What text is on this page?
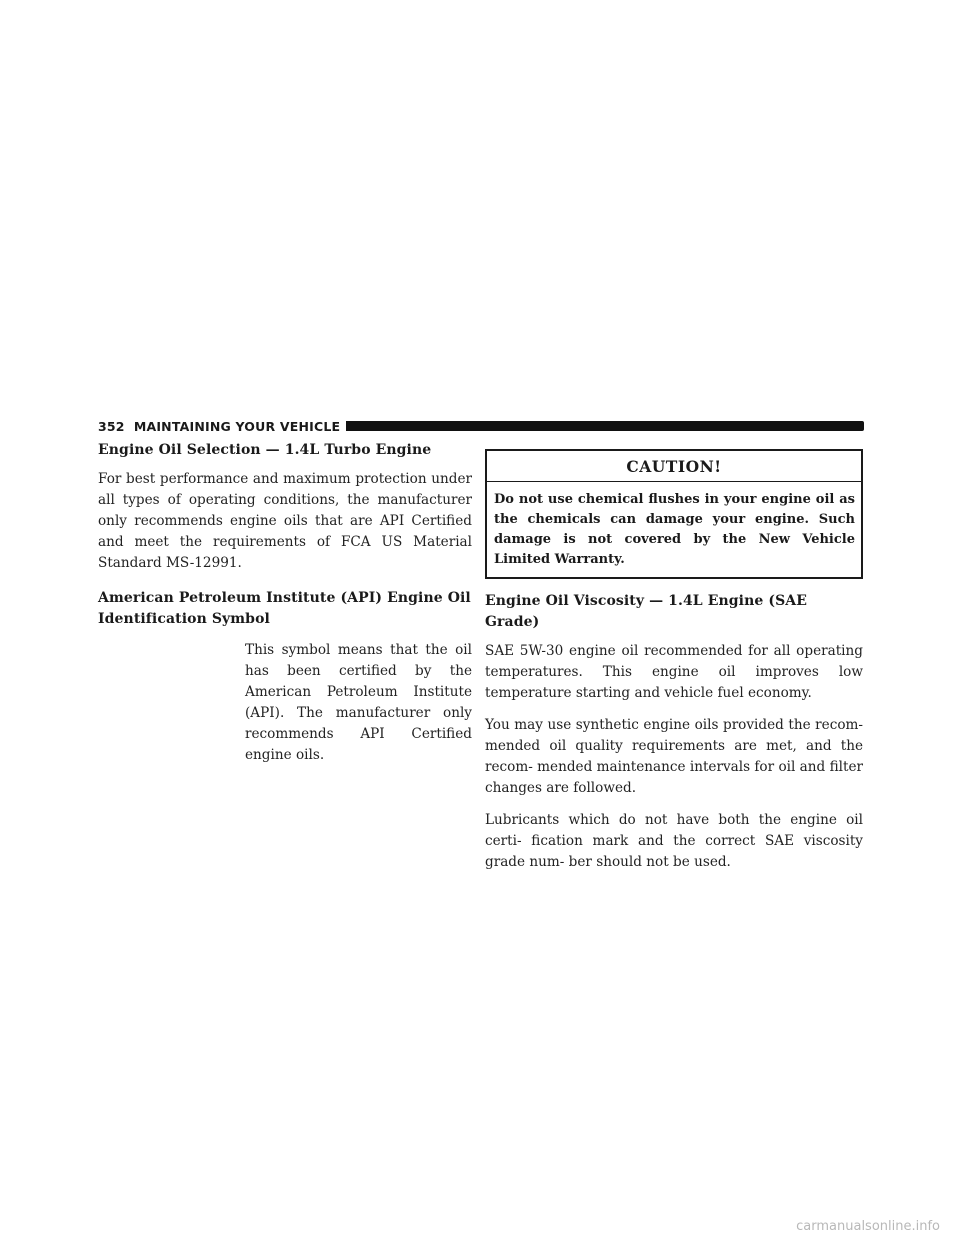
352 MAINTAINING YOUR VEHICLE
Engine Oil Selection — 1.4L Turbo Engine

For best performance and maximum protection under all types of operating conditions, the manufacturer only recommends engine oils that are API Certified and meet the requirements of FCA US Material Standard MS-12991.

American Petroleum Institute (API) Engine Oil
Identification Symbol

This symbol means that the oil has been certified by the American Petroleum Institute (API). The manufacturer only recommends API Certified engine oils.

CAUTION!
Do not use chemical flushes in your engine oil as the chemicals can damage your engine. Such damage is not covered by the New Vehicle Limited Warranty.
Engine Oil Viscosity — 1.4L Engine (SAE Grade)

SAE 5W-30 engine oil recommended for all operating temperatures. This engine oil improves low temperature starting and vehicle fuel economy.

You may use synthetic engine oils provided the recom- mended oil quality requirements are met, and the recom- mended maintenance intervals for oil and filter changes are followed.

Lubricants which do not have both the engine oil certi- fication mark and the correct SAE viscosity grade num- ber should not be used.

carmanualsonline.info
